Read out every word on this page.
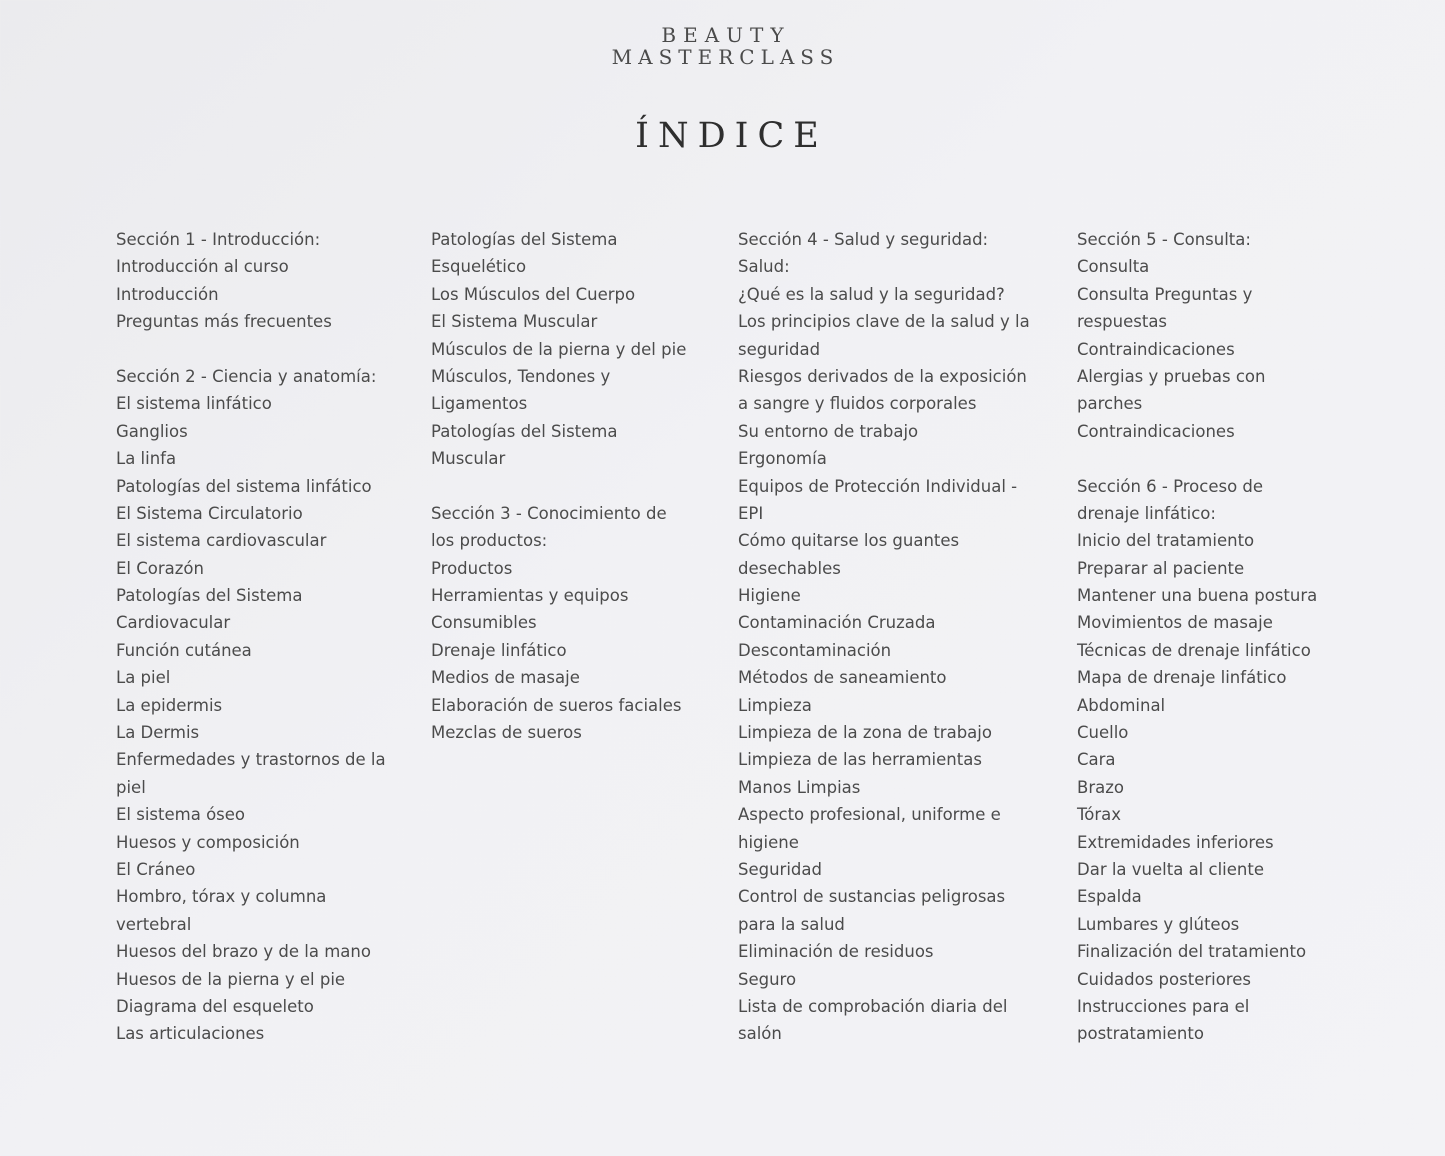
BEAUTY
MASTERCLASS
ÍNDICE
Sección 1 - Introducción:
Introducción al curso
Introducción
Preguntas más frecuentes
Sección 2 - Ciencia y anatomía:
El sistema linfático
Ganglios
La linfa
Patologías del sistema linfático
El Sistema Circulatorio
El sistema cardiovascular
El Corazón
Patologías del Sistema
Cardiovacular
Función cutánea
La piel
La epidermis
La Dermis
Enfermedades y trastornos de la
piel
El sistema óseo
Huesos y composición
El Cráneo
Hombro, tórax y columna
vertebral
Huesos del brazo y de la mano
Huesos de la pierna y el pie
Diagrama del esqueleto
Las articulaciones
Patologías del Sistema
Esquelético
Los Músculos del Cuerpo
El Sistema Muscular
Músculos de la pierna y del pie
Músculos, Tendones y
Ligamentos
Patologías del Sistema
Muscular
Sección 3 - Conocimiento de
los productos:
Productos
Herramientas y equipos
Consumibles
Drenaje linfático
Medios de masaje
Elaboración de sueros faciales
Mezclas de sueros
Sección 4 - Salud y seguridad:
Salud:
¿Qué es la salud y la seguridad?
Los principios clave de la salud y la
seguridad
Riesgos derivados de la exposición
a sangre y fluidos corporales
Su entorno de trabajo
Ergonomía
Equipos de Protección Individual -
EPI
Cómo quitarse los guantes
desechables
Higiene
Contaminación Cruzada
Descontaminación
Métodos de saneamiento
Limpieza
Limpieza de la zona de trabajo
Limpieza de las herramientas
Manos Limpias
Aspecto profesional, uniforme e
higiene
Seguridad
Control de sustancias peligrosas
para la salud
Eliminación de residuos
Seguro
Lista de comprobación diaria del
salón
Sección 5 - Consulta:
Consulta
Consulta Preguntas y
respuestas
Contraindicaciones
Alergias y pruebas con
parches
Contraindicaciones
Sección 6 - Proceso de
drenaje linfático:
Inicio del tratamiento
Preparar al paciente
Mantener una buena postura
Movimientos de masaje
Técnicas de drenaje linfático
Mapa de drenaje linfático
Abdominal
Cuello
Cara
Brazo
Tórax
Extremidades inferiores
Dar la vuelta al cliente
Espalda
Lumbares y glúteos
Finalización del tratamiento
Cuidados posteriores
Instrucciones para el
postratamiento
